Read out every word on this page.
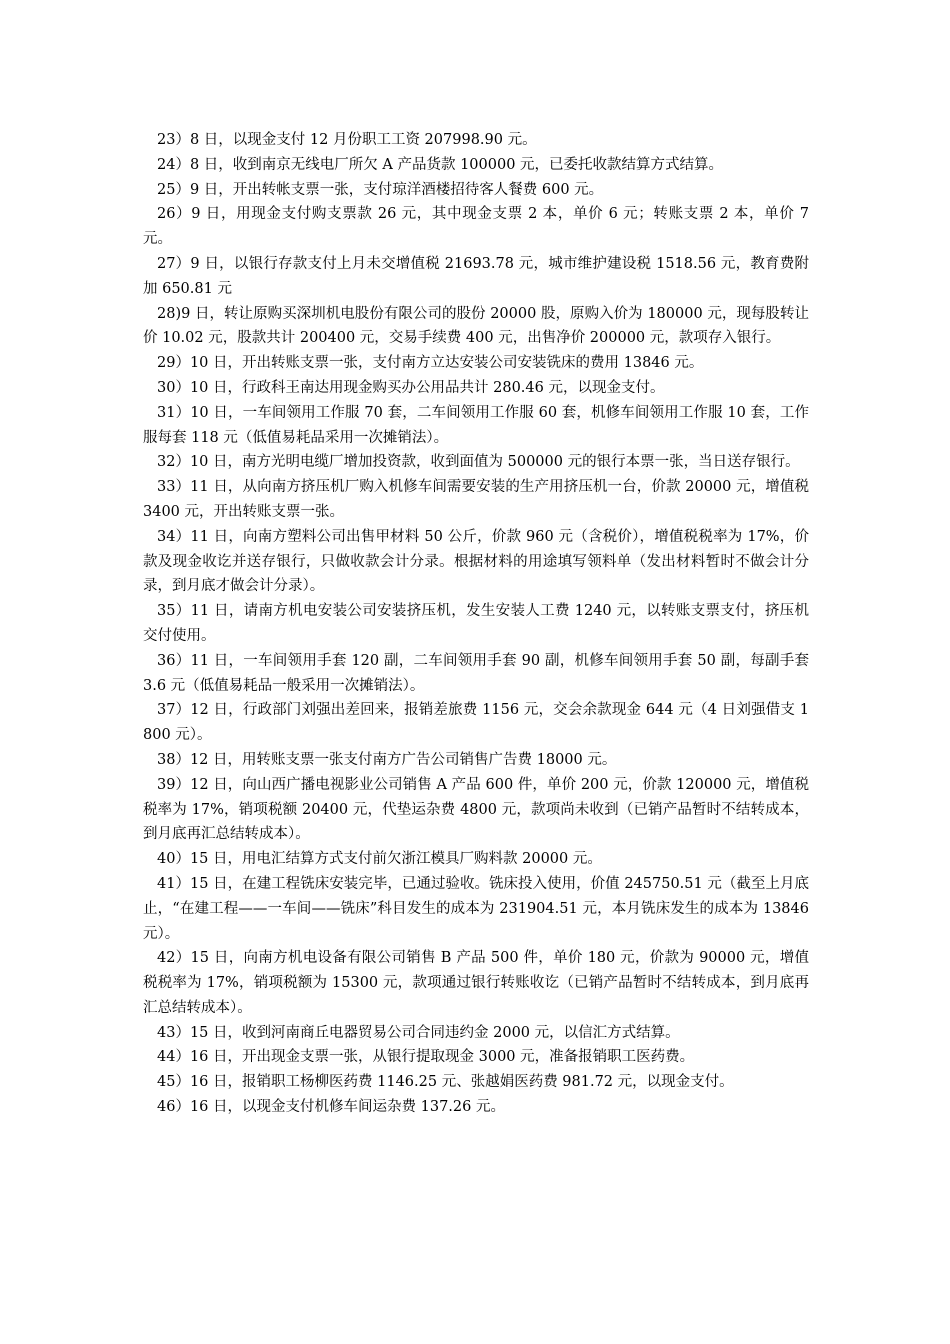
23）8 日，以现金支付 12 月份职工工资 207998.90 元。

24）8 日，收到南京无线电厂所欠 A 产品货款 100000 元，已委托收款结算方式结算。

25）9 日，开出转帐支票一张，支付琼洋酒楼招待客人餐费 600 元。

26）9 日，用现金支付购支票款 26 元，其中现金支票 2 本，单价 6 元；转账支票 2 本，单价 7 元。

27）9 日，以银行存款支付上月未交增值税 21693.78 元，城市维护建设税 1518.56 元，教育费附加 650.81 元

28)9 日，转让原购买深圳机电股份有限公司的股份 20000 股，原购入价为 180000 元，现每股转让价 10.02 元，股款共计 200400 元，交易手续费 400 元，出售净价 200000 元，款项存入银行。

29）10 日，开出转账支票一张，支付南方立达安装公司安装铣床的费用 13846 元。

30）10 日，行政科王南达用现金购买办公用品共计 280.46 元，以现金支付。

31）10 日，一车间领用工作服 70 套，二车间领用工作服 60 套，机修车间领用工作服 10 套，工作服每套 118 元（低值易耗品采用一次摊销法）。

32）10 日，南方光明电缆厂增加投资款，收到面值为 500000 元的银行本票一张，当日送存银行。

33）11 日，从向南方挤压机厂购入机修车间需要安装的生产用挤压机一台，价款 20000 元，增值税 3400 元，开出转账支票一张。

34）11 日，向南方塑料公司出售甲材料 50 公斤，价款 960 元（含税价），增值税税率为 17%，价款及现金收讫并送存银行，只做收款会计分录。根据材料的用途填写领料单（发出材料暂时不做会计分录，到月底才做会计分录）。

35）11 日，请南方机电安装公司安装挤压机，发生安装人工费 1240 元，以转账支票支付，挤压机交付使用。

36）11 日，一车间领用手套 120 副，二车间领用手套 90 副，机修车间领用手套 50 副，每副手套 3.6 元（低值易耗品一般采用一次摊销法）。

37）12 日，行政部门刘强出差回来，报销差旅费 1156 元，交会余款现金 644 元（4 日刘强借支 1800 元）。

38）12 日，用转账支票一张支付南方广告公司销售广告费 18000 元。

39）12 日，向山西广播电视影业公司销售 A 产品 600 件，单价 200 元，价款 120000 元，增值税税率为 17%，销项税额 20400 元，代垫运杂费 4800 元，款项尚未收到（已销产品暂时不结转成本，到月底再汇总结转成本）。

40）15 日，用电汇结算方式支付前欠浙江模具厂购料款 20000 元。

41）15 日，在建工程铣床安装完毕，已通过验收。铣床投入使用，价值 245750.51 元（截至上月底止，“在建工程——一车间——铣床”科目发生的成本为 231904.51 元，本月铣床发生的成本为 13846 元）。

42）15 日，向南方机电设备有限公司销售 B 产品 500 件，单价 180 元，价款为 90000 元，增值税税率为 17%，销项税额为 15300 元，款项通过银行转账收讫（已销产品暂时不结转成本，到月底再汇总结转成本）。

43）15 日，收到河南商丘电器贸易公司合同违约金 2000 元，以信汇方式结算。

44）16 日，开出现金支票一张，从银行提取现金 3000 元，准备报销职工医药费。

45）16 日，报销职工杨柳医药费 1146.25 元、张越娟医药费 981.72 元，以现金支付。

46）16 日，以现金支付机修车间运杂费 137.26 元。
